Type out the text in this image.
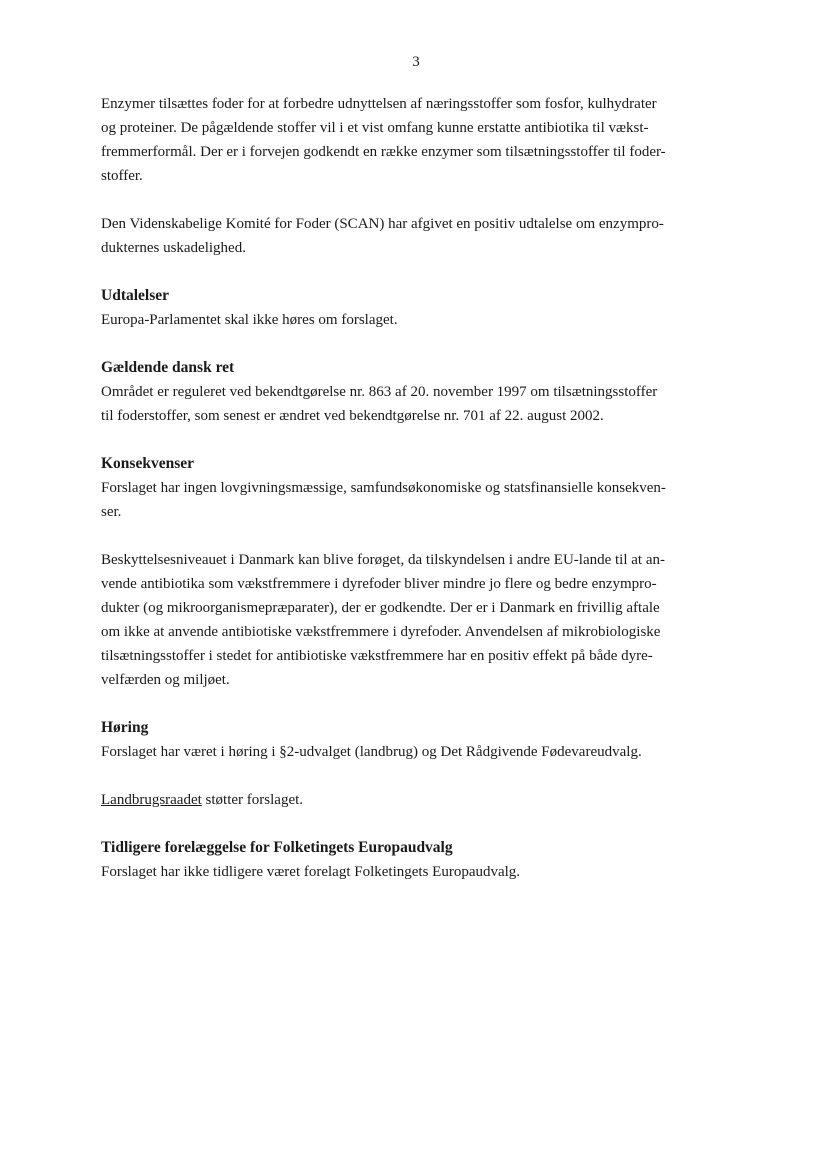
3

Enzymer tilsættes foder for at forbedre udnyttelsen af næringsstoffer som fosfor, kulhydrater
og proteiner. De pågældende stoffer vil i et vist omfang kunne erstatte antibiotika til vækst-
fremmerformål. Der er i forvejen godkendt en række enzymer som tilsætningsstoffer til foder-
stoffer.

Den Videnskabelige Komité for Foder (SCAN) har afgivet en positiv udtalelse om enzympro-
dukternes uskadelighed.

Udtalelser
Europa-Parlamentet skal ikke høres om forslaget.

Gældende dansk ret
Området er reguleret ved bekendtgørelse nr. 863 af 20. november 1997 om tilsætningsstoffer
til foderstoffer, som senest er ændret ved bekendtgørelse nr. 701 af 22. august 2002.

Konsekvenser
Forslaget har ingen lovgivningsmæssige, samfundsøkonomiske og statsfinansielle konsekven-
ser.

Beskyttelsesniveauet i Danmark kan blive forøget, da tilskyndelsen i andre EU-lande til at an-
vende antibiotika som vækstfremmere i dyrefoder bliver mindre jo flere og bedre enzympro-
dukter (og mikroorganismepræparater), der er godkendte. Der er i Danmark en frivillig aftale
om ikke at anvende antibiotiske vækstfremmere i dyrefoder. Anvendelsen af mikrobiologiske
tilsætningsstoffer i stedet for antibiotiske vækstfremmere har en positiv effekt på både dyre-
velfærden og miljøet.

Høring
Forslaget har været i høring i §2-udvalget (landbrug) og Det Rådgivende Fødevareudvalg.

Landbrugsraadet støtter forslaget.

Tidligere forelæggelse for Folketingets Europaudvalg
Forslaget har ikke tidligere været forelagt Folketingets Europaudvalg.
